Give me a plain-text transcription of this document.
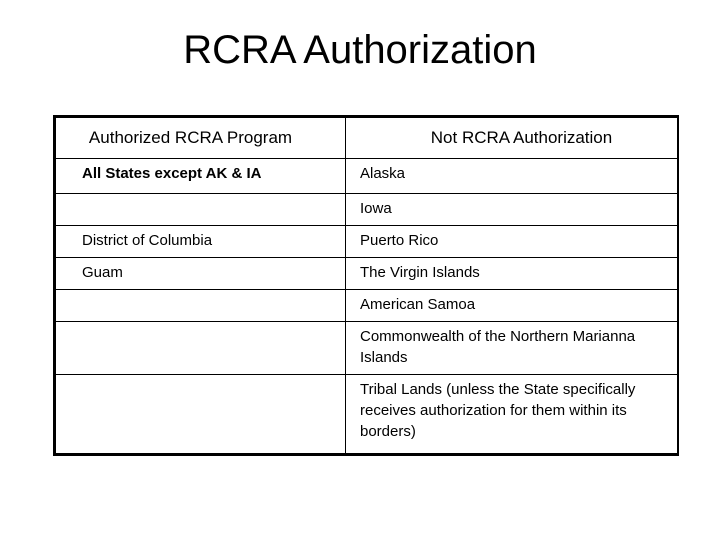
RCRA Authorization
Authorized RCRA Program	Not RCRA Authorization
All States except AK & IA	Alaska
	Iowa
District of Columbia	Puerto Rico
Guam	The Virgin Islands
	American Samoa
	Commonwealth of the Northern Marianna Islands
	Tribal Lands (unless the State specifically receives authorization for them within its borders)
